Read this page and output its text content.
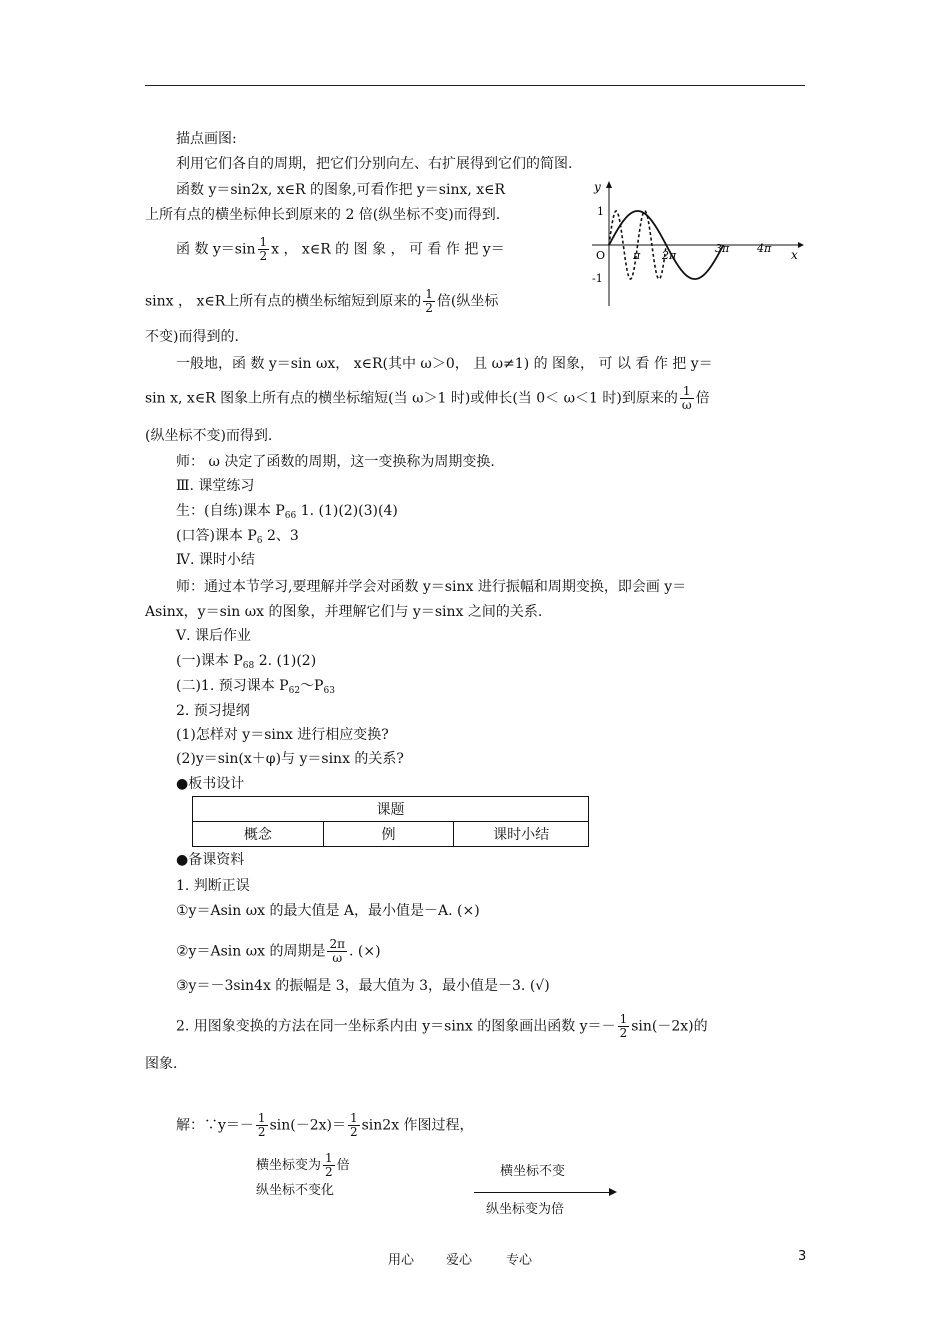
描点画图:
利用它们各自的周期，把它们分别向左、右扩展得到它们的简图.
函数 y＝sin2x, x∈R 的图象,可看作把 y＝sinx, x∈R
上所有点的横坐标伸长到原来的 2 倍(纵坐标不变)而得到.
函 数 $y=\sin \frac{1}{2}$ x ， x∈R 的 图 象 ， 可 看 作 把 y＝
sinx ， x∈R上所有点的横坐标缩短到原来的 $\frac{1}{2}$ 倍(纵坐标
不变)而得到的.
一般地，函 数 y＝sin ωx， x∈R(其中 ω＞0， 且 ω≠1) 的 图象， 可 以 看 作 把 y＝
sin x, x∈R 图象上所有点的横坐标缩短(当 ω＞1 时)或伸长(当 0＜ ω＜1 时)到原来的 $\frac{1}{\omega}$ 倍
(纵坐标不变)而得到.
师： ω 决定了函数的周期，这一变换称为周期变换.
Ⅲ. 课堂练习
生：(自练)课本 $P_{66}$ 1. (1)(2)(3)(4)
(口答)课本 $P_6$ 2、3
Ⅳ. 课时小结
师：通过本节学习,要理解并学会对函数 y＝sinx 进行振幅和周期变换，即会画 y＝
Asinx，y＝sin ωx 的图象，并理解它们与 y＝sinx 之间的关系.
Ⅴ. 课后作业
(一)课本 $P_{68}$ 2. (1)(2)
(二)1. 预习课本 $P_{62}\sim P_{63}$
2. 预习提纲
(1)怎样对 y＝sinx 进行相应变换?
(2)y＝sin(x＋φ)与 y＝sinx 的关系?
●板书设计
课题
概念	例	课时小结
●备课资料
1. 判断正误
①y＝Asin ωx 的最大值是 A，最小值是－A. (×)
②y＝Asin ωx 的周期是 $\frac{2\pi}{\omega}$ . (×)
③y＝－3sin4x 的振幅是 3，最大值为 3，最小值是－3. (√)
2. 用图象变换的方法在同一坐标系内由 y＝sinx 的图象画出函数 $y=- \frac{1}{2} \sin(-2x)$的
图象.
解：∵y＝－ $\frac{1}{2} \sin(-2x)= \frac{1}{2} \sin 2x$ 作图过程，
横坐标变为 $\frac{1}{2}$ 倍
纵坐标不变化
横坐标不变
纵坐标变为倍
y
x
O	π 2π
3π	4π
1
-1
用心 爱心	专心	3
